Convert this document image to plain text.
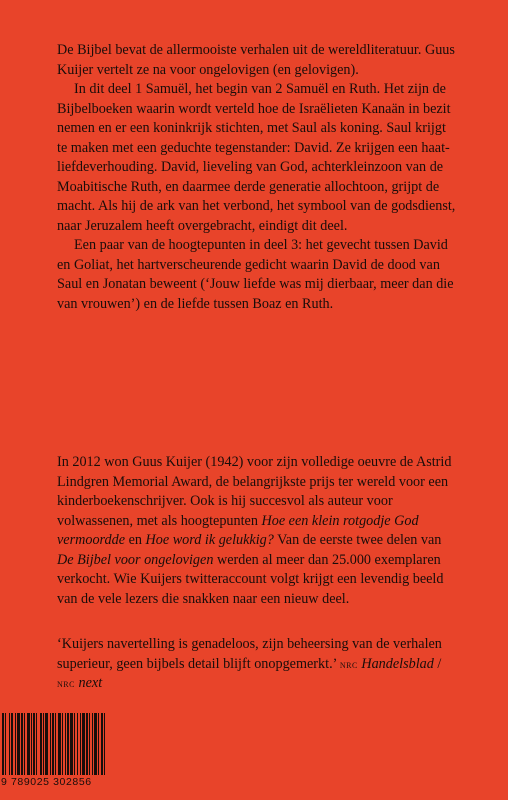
De Bijbel bevat de allermooiste verhalen uit de wereldliteratuur. Guus Kuijer vertelt ze na voor ongelovigen (en gelovigen).

In dit deel 1 Samuël, het begin van 2 Samuël en Ruth. Het zijn de Bijbelboeken waarin wordt verteld hoe de Israëlieten Kanaän in bezit nemen en er een koninkrijk stichten, met Saul als koning. Saul krijgt te maken met een geduchte tegenstander: David. Ze krijgen een haat-liefdeverhouding. David, lieveling van God, achterkleinzoon van de Moabitische Ruth, en daarmee derde generatie allochtoon, grijpt de macht. Als hij de ark van het verbond, het symbool van de godsdienst, naar Jeruzalem heeft overgebracht, eindigt dit deel.

Een paar van de hoogtepunten in deel 3: het gevecht tussen David en Goliat, het hartverscheurende gedicht waarin David de dood van Saul en Jonatan beweent (‘Jouw liefde was mij dierbaar, meer dan die van vrouwen’) en de liefde tussen Boaz en Ruth.

In 2012 won Guus Kuijer (1942) voor zijn volledige oeuvre de Astrid Lindgren Memorial Award, de belangrijkste prijs ter wereld voor een kinderboekenschrijver. Ook is hij succesvol als auteur voor volwassenen, met als hoogtepunten Hoe een klein rotgodje God vermoordde en Hoe word ik gelukkig? Van de eerste twee delen van De Bijbel voor ongelovigen werden al meer dan 25.000 exemplaren verkocht. Wie Kuijers twitteraccount volgt krijgt een levendig beeld van de vele lezers die snakken naar een nieuw deel.

‘Kuijers navertelling is genadeloos, zijn beheersing van de verhalen superieur, geen bijbels detail blijft onopgemerkt.’ nrc Handelsblad / nrc next

9 789025 302856
